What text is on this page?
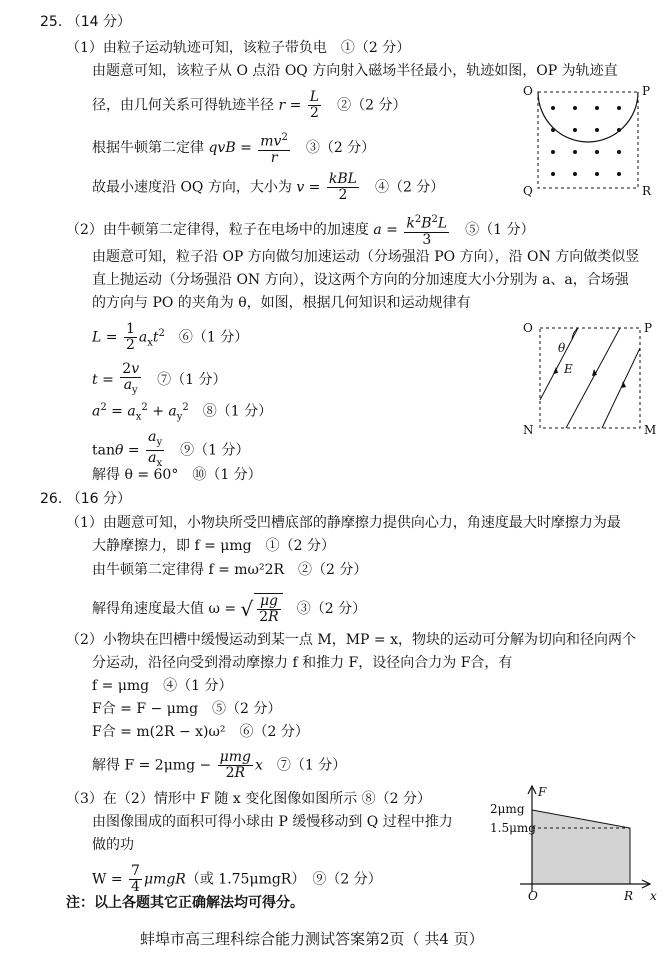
25. （14 分）
（1）由粒子运动轨迹可知，该粒子带负电　①（2 分）
由题意可知，该粒子从 O 点沿 OQ 方向射入磁场半径最小，轨迹如图，OP 为轨迹直
径，由几何关系可得轨迹半径 $r = \frac{L}{2}$ 　②（2 分）
根据牛顿第二定律 qvB = $\frac{mv^2}{r}$ 　③（2 分）
故最小速度沿 OQ 方向，大小为 $v = \frac{\text{kBL}}{2}$ 　④（2 分）
（2）由牛顿第二定律得，粒子在电场中的加速度 $a = \frac{k^2B^2L}{3}$ 　⑤（1 分）
由题意可知，粒子沿 OP 方向做匀加速运动（分场强沿 PO 方向），沿 ON 方向做类似竖
直上抛运动（分场强沿 ON 方向），设这两个方向的分加速度大小分别为 a、a，合场强
的方向与 PO 的夹角为 θ，如图，根据几何知识和运动规律有
$L = \frac{1}{2} a_xt^2$　 ⑥（1 分）
$t = \frac{2v}{a_y}$
　 ⑦（1 分）
$a^2 = a_x^2 + a_y^2$　 ⑧（1 分）
$\tan\theta = \frac{a_y}{a_x}$
　 ⑨（1 分）
解得 θ = 60°　⑩（1 分）
O	P
Q	R
O	P
N	M
θ
E
26. （16 分）
（1）由题意可知，小物块所受凹槽底部的静摩擦力提供向心力，角速度最大时摩擦力为最
大静摩擦力，即 f = μmg　①（2 分）
由牛顿第二定律得 f = mω²2R　②（2 分）
解得角速度最大值 ω = √ $\frac{\mu g}{2R}$ 　③（2 分）
（2）小物块在凹槽中缓慢运动到某一点 M，MP = x，物块的运动可分解为切向和径向两个
分运动，沿径向受到滑动摩擦力 f 和推力 F，设径向合力为 F合，有
f = μmg　④（1 分）
F合 = F − μmg　⑤（2 分）
F合 = m(2R − x)ω²　⑥（2 分）
解得 $F = 2\mu mg - \frac{\text{μmg}}{2R}$ x　⑦（1 分）
（3）在（2）情形中 F 随 x 变化图像如图所示 ⑧（2 分）
由图像围成的面积可得小球由 P 缓慢移动到 Q 过程中推力
做的功
$W = \frac{7}{4} \mu mgR$（或 1.75μmgR）　⑨（2 分）
注：以上各题其它正确解法均可得分。
F
x
O	R
2μmg
1.5μmg
蚌埠市高三理科综合能力测试答案第2页（ 共4 页）
